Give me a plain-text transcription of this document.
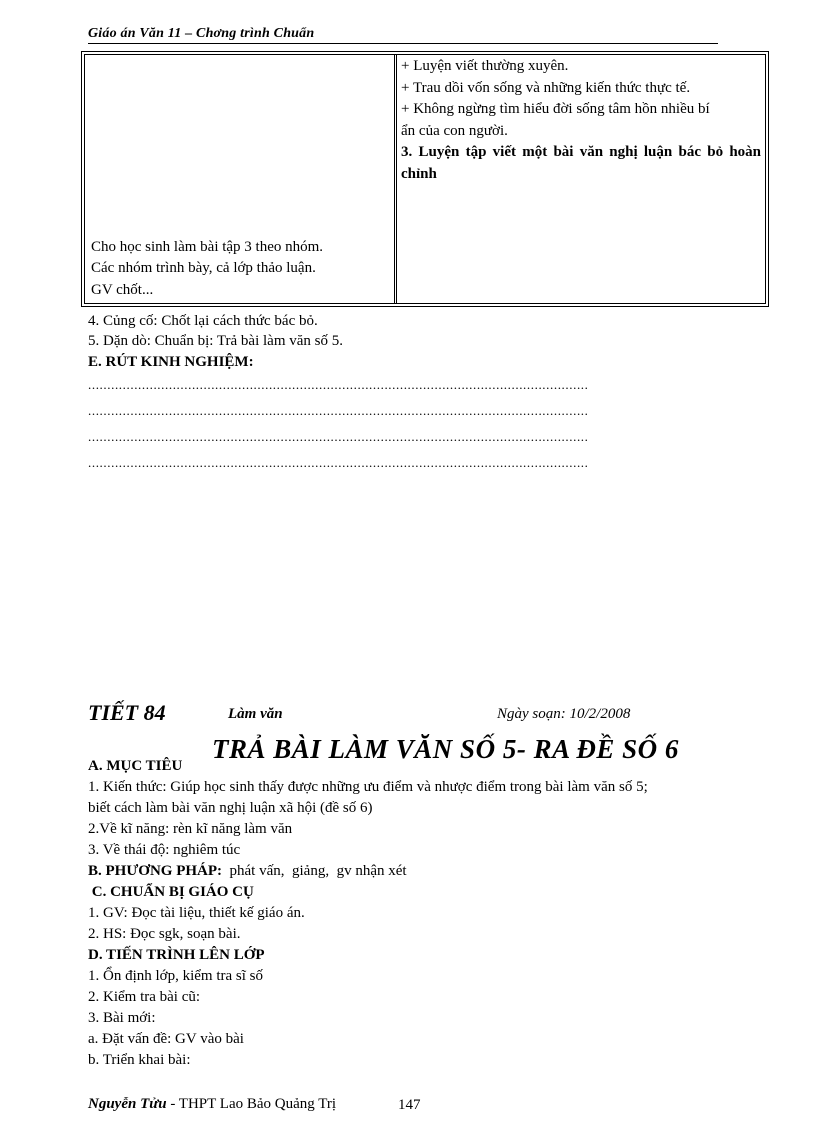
Giáo án Văn 11 – Chơng trình Chuẩn
Cho học sinh làm bài tập 3 theo nhóm.
Các nhóm trình bày, cả lớp thảo luận.
GV chốt...
+ Luyện viết thường xuyên.
+ Trau dồi vốn sống và những kiến thức thực tế.
+ Không ngừng tìm hiểu đời sống tâm hồn nhiều bí
ẩn của con người.
3. Luyện tập viết một bài văn nghị luận bác bỏ hoàn chỉnh
4. Củng cố: Chốt lại cách thức bác bỏ.
5. Dặn dò: Chuẩn bị: Trả bài làm văn số 5.
E. RÚT KINH NGHIỆM:
..................................................................................................................................
..................................................................................................................................
..................................................................................................................................
..................................................................................................................................
TIẾT 84	Làm văn	Ngày soạn: 10/2/2008
TRẢ BÀI LÀM VĂN SỐ 5- RA ĐỀ SỐ 6
A. MỤC TIÊU
1. Kiến thức: Giúp học sinh thấy được những ưu điểm và nhược điểm trong bài làm văn số 5;
biết cách làm bài văn nghị luận xã hội (đề số 6)
2.Về kĩ năng: rèn kĩ năng làm văn
3. Về thái độ: nghiêm túc
B. PHƯƠNG PHÁP:  phát vấn,  giảng,  gv nhận xét
C. CHUẨN BỊ GIÁO CỤ
1. GV: Đọc tài liệu, thiết kế giáo án.
2. HS: Đọc sgk, soạn bài.
D. TIẾN TRÌNH LÊN LỚP
1. Ổn định lớp, kiểm tra sĩ số
2. Kiểm tra bài cũ:
3. Bài mới:
a. Đặt vấn đề: GV vào bài
b. Triển khai bài:
Nguyễn Tửu - THPT Lao Bảo Quảng Trị	147
